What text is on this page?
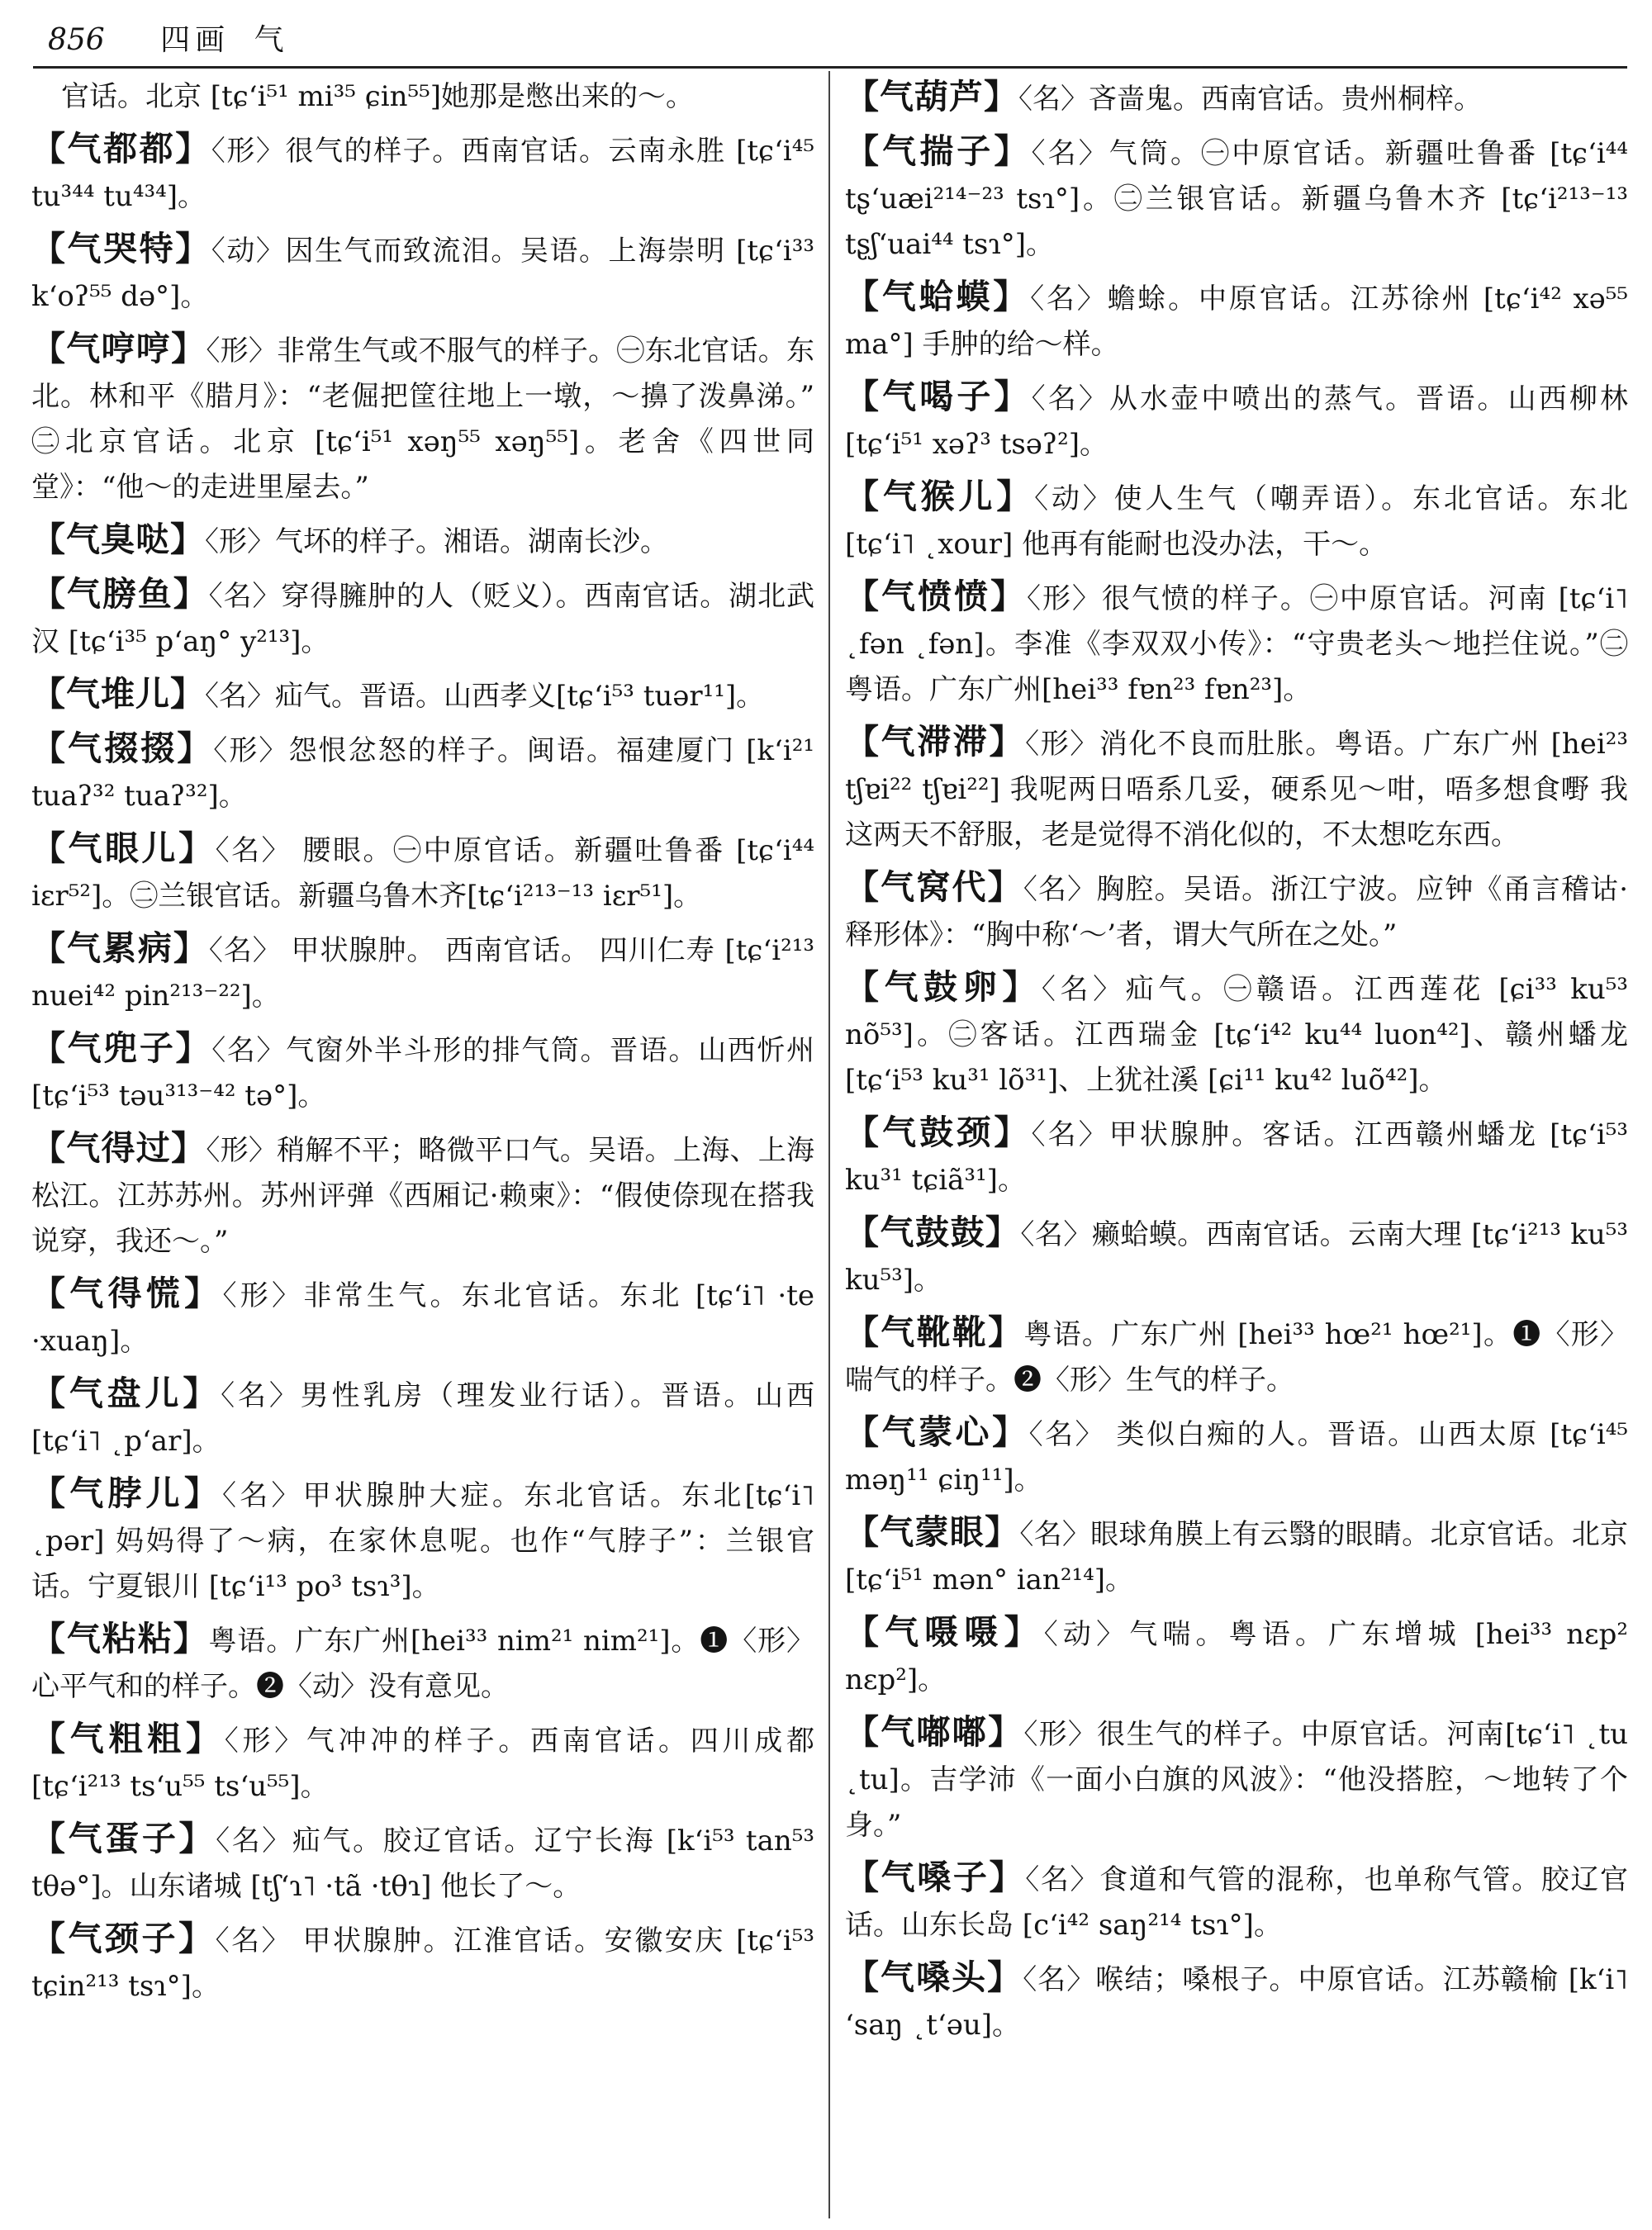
856 四画 气
官话。北京 [tɕ‘i⁵¹ mi³⁵ ɕin⁵⁵]她那是憋出来的～。
【气都都】〈形〉很气的样子。西南官话。云南永胜 [tɕ‘i⁴⁵ tu³⁴⁴ tu⁴³⁴]。
【气哭特】〈动〉因生气而致流泪。吴语。上海崇明 [tɕ‘i³³ k‘oʔ⁵⁵ də°]。
【气哼哼】〈形〉非常生气或不服气的样子。㊀东北官话。东北。林和平《腊月》：“老倔把筐往地上一墩，～擤了泼鼻涕。” ㊁北京官话。北京 [tɕ‘i⁵¹ xəŋ⁵⁵ xəŋ⁵⁵]。老舍《四世同堂》：“他～的走进里屋去。”
【气臭哒】〈形〉气坏的样子。湘语。湖南长沙。
【气膀鱼】〈名〉穿得臃肿的人（贬义）。西南官话。湖北武汉 [tɕ‘i³⁵ p‘aŋ° y²¹³]。
【气堆儿】〈名〉疝气。晋语。山西孝义[tɕ‘i⁵³ tuər¹¹]。
【气掇掇】〈形〉怨恨忿怒的样子。闽语。福建厦门 [k‘i²¹ tuaʔ³² tuaʔ³²]。
【气眼儿】〈名〉 腰眼。㊀中原官话。新疆吐鲁番 [tɕ‘i⁴⁴ iɛr⁵²]。㊁兰银官话。新疆乌鲁木齐[tɕ‘i²¹³⁻¹³ iɛr⁵¹]。
【气累病】〈名〉 甲状腺肿。 西南官话。 四川仁寿 [tɕ‘i²¹³ nuei⁴² pin²¹³⁻²²]。
【气兜子】〈名〉气窗外半斗形的排气筒。晋语。山西忻州[tɕ‘i⁵³ təu³¹³⁻⁴² tə°]。
【气得过】〈形〉稍解不平；略微平口气。吴语。上海、上海松江。江苏苏州。苏州评弹《西厢记·赖柬》：“假使倷现在搭我说穿，我还～。”
【气得慌】〈形〉非常生气。东北官话。东北 [tɕ‘i˥ ·te ·xuaŋ]。
【气盘儿】〈名〉男性乳房（理发业行话）。晋语。山西 [tɕ‘i˥ ˛p‘ar]。
【气脖儿】〈名〉甲状腺肿大症。东北官话。东北[tɕ‘i˥ ˛pər] 妈妈得了～病，在家休息呢。也作“气脖子”：兰银官话。宁夏银川 [tɕ‘i¹³ po³ tsɿ³]。
【气粘粘】粤语。广东广州[hei³³ nim²¹ nim²¹]。❶〈形〉心平气和的样子。❷〈动〉没有意见。
【气粗粗】〈形〉气冲冲的样子。西南官话。四川成都 [tɕ‘i²¹³ ts‘u⁵⁵ ts‘u⁵⁵]。
【气蛋子】〈名〉疝气。胶辽官话。辽宁长海 [k‘i⁵³ tan⁵³ tθə°]。山东诸城 [tʃ‘ɿ˥ ·tã ·tθɿ] 他长了～。
【气颈子】〈名〉 甲状腺肿。江淮官话。安徽安庆 [tɕ‘i⁵³ tɕin²¹³ tsɿ°]。
【气葫芦】〈名〉吝啬鬼。西南官话。贵州桐梓。
【气揣子】〈名〉气筒。㊀中原官话。新疆吐鲁番 [tɕ‘i⁴⁴ tʂ‘uæi²¹⁴⁻²³ tsɿ°]。㊁兰银官话。新疆乌鲁木齐 [tɕ‘i²¹³⁻¹³ tʂʃ‘uai⁴⁴ tsɿ°]。
【气蛤蟆】〈名〉蟾蜍。中原官话。江苏徐州 [tɕ‘i⁴² xə⁵⁵ ma°] 手肿的给～样。
【气喝子】〈名〉从水壶中喷出的蒸气。晋语。山西柳林 [tɕ‘i⁵¹ xəʔ³ tsəʔ²]。
【气猴儿】〈动〉使人生气（嘲弄语）。东北官话。东北 [tɕ‘i˥ ˛xour] 他再有能耐也没办法，干～。
【气愤愤】〈形〉很气愤的样子。㊀中原官话。河南 [tɕ‘i˥ ˛fən ˛fən]。李准《李双双小传》：“守贵老头～地拦住说。”㊁粤语。广东广州[hei³³ fɐn²³ fɐn²³]。
【气滞滞】〈形〉消化不良而肚胀。粤语。广东广州 [hei²³ tʃɐi²² tʃɐi²²] 我呢两日唔系几妥，硬系见～咁，唔多想食嘢 我这两天不舒服，老是觉得不消化似的，不太想吃东西。
【气窝代】〈名〉胸腔。吴语。浙江宁波。应钟《甬言稽诂·释形体》：“胸中称‘～’者，谓大气所在之处。”
【气鼓卵】〈名〉疝气。㊀赣语。江西莲花 [ɕi³³ ku⁵³ nõ⁵³]。㊁客话。江西瑞金 [tɕ‘i⁴² ku⁴⁴ luon⁴²]、赣州蟠龙 [tɕ‘i⁵³ ku³¹ lõ³¹]、上犹社溪 [ɕi¹¹ ku⁴² luõ⁴²]。
【气鼓颈】〈名〉甲状腺肿。客话。江西赣州蟠龙 [tɕ‘i⁵³ ku³¹ tɕiã³¹]。
【气鼓鼓】〈名〉癞蛤蟆。西南官话。云南大理 [tɕ‘i²¹³ ku⁵³ ku⁵³]。
【气靴靴】粤语。广东广州 [hei³³ hœ²¹ hœ²¹]。❶〈形〉喘气的样子。❷〈形〉生气的样子。
【气蒙心】〈名〉 类似白痴的人。晋语。山西太原 [tɕ‘i⁴⁵ məŋ¹¹ ɕiŋ¹¹]。
【气蒙眼】〈名〉眼球角膜上有云翳的眼睛。北京官话。北京 [tɕ‘i⁵¹ mən° ian²¹⁴]。
【气嗫嗫】〈动〉气喘。粤语。广东增城 [hei³³ nɛp² nɛp²]。
【气嘟嘟】〈形〉很生气的样子。中原官话。河南[tɕ‘i˥ ˛tu ˛tu]。吉学沛《一面小白旗的风波》：“他没搭腔，～地转了个身。”
【气嗓子】〈名〉食道和气管的混称，也单称气管。胶辽官话。山东长岛 [c‘i⁴² saŋ²¹⁴ tsɿ°]。
【气嗓头】〈名〉喉结；嗓根子。中原官话。江苏赣榆 [k‘i˥ ‘saŋ ˛t‘əu]。
